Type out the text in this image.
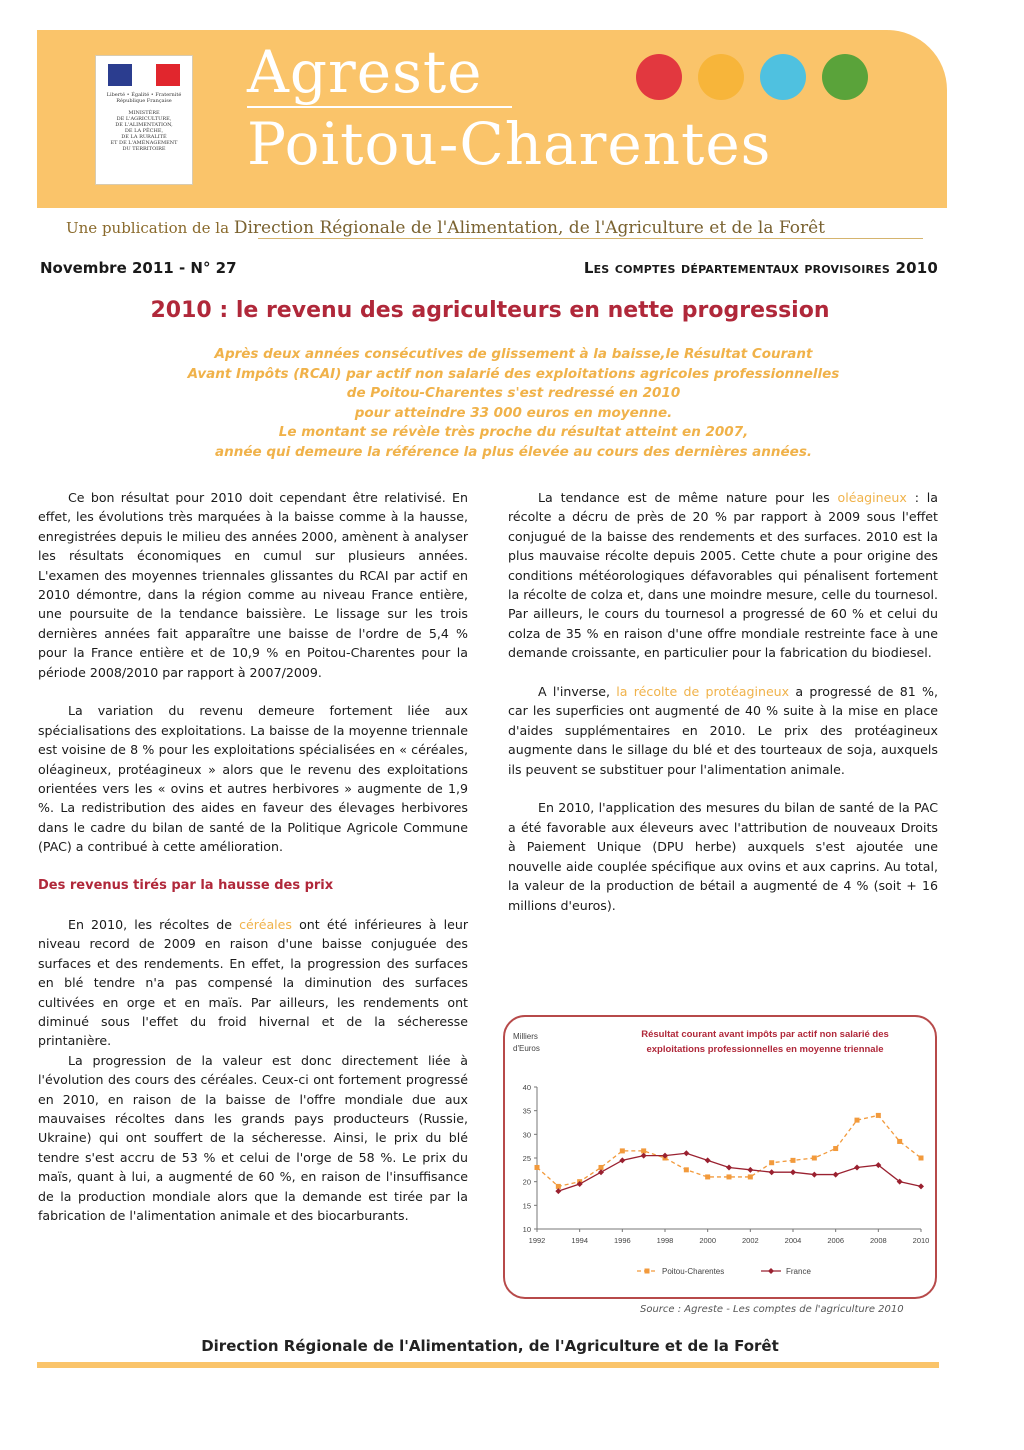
Liberté • Égalité • Fraternité
République Française

MINISTÈRE
DE L'AGRICULTURE,
DE L'ALIMENTATION,
DE LA PÊCHE,
DE LA RURALITÉ
ET DE L'AMÉNAGEMENT
DU TERRITOIRE
Agreste
Poitou-Charentes
Une publication de la Direction Régionale de l'Alimentation, de l'Agriculture et de la Forêt
Novembre 2011 - N° 27	Les comptes départementaux provisoires 2010
2010 : le revenu des agriculteurs en nette progression
Après deux années consécutives de glissement à la baisse,le Résultat Courant
Avant Impôts (RCAI) par actif non salarié des exploitations agricoles professionnelles
de Poitou-Charentes s'est redressé en 2010
pour atteindre 33 000 euros en moyenne.
Le montant se révèle très proche du résultat atteint en 2007,
année qui demeure la référence la plus élevée au cours des dernières années.

Ce bon résultat pour 2010 doit cependant être relativisé. En effet, les évolutions très marquées à la baisse comme à la hausse, enregistrées depuis le milieu des années 2000, amènent à analyser les résultats économiques en cumul sur plusieurs années. L'examen des moyennes triennales glissantes du RCAI par actif en 2010 démontre, dans la région comme au niveau France entière, une poursuite de la tendance baissière. Le lissage sur les trois dernières années fait apparaître une baisse de l'ordre de 5,4 % pour la France entière et de 10,9 % en Poitou-Charentes pour la période 2008/2010 par rapport à 2007/2009.

La variation du revenu demeure fortement liée aux spécialisations des exploitations. La baisse de la moyenne triennale est voisine de 8 % pour les exploitations spécialisées en « céréales, oléagineux, protéagineux » alors que le revenu des exploitations orientées vers les « ovins et autres herbivores » augmente de 1,9 %. La redistribution des aides en faveur des élevages herbivores dans le cadre du bilan de santé de la Politique Agricole Commune (PAC) a contribué à cette amélioration.

Des revenus tirés par la hausse des prix

En 2010, les récoltes de céréales ont été inférieures à leur niveau record de 2009 en raison d'une baisse conjuguée des surfaces et des rendements. En effet, la progression des surfaces en blé tendre n'a pas compensé la diminution des surfaces cultivées en orge et en maïs. Par ailleurs, les rendements ont diminué sous l'effet du froid hivernal et de la sécheresse printanière.

La progression de la valeur est donc directement liée à l'évolution des cours des céréales. Ceux-ci ont fortement progressé en 2010, en raison de la baisse de l'offre mondiale due aux mauvaises récoltes dans les grands pays producteurs (Russie, Ukraine) qui ont souffert de la sécheresse. Ainsi, le prix du blé tendre s'est accru de 53 % et celui de l'orge de 58 %. Le prix du maïs, quant à lui, a augmenté de 60 %, en raison de l'insuffisance de la production mondiale alors que la demande est tirée par la fabrication de l'alimentation animale et des biocarburants.

La tendance est de même nature pour les oléagineux : la récolte a décru de près de 20 % par rapport à 2009 sous l'effet conjugué de la baisse des rendements et des surfaces. 2010 est la plus mauvaise récolte depuis 2005. Cette chute a pour origine des conditions météorologiques défavorables qui pénalisent fortement la récolte de colza et, dans une moindre mesure, celle du tournesol. Par ailleurs, le cours du tournesol a progressé de 60 % et celui du colza de 35 % en raison d'une offre mondiale restreinte face à une demande croissante, en particulier pour la fabrication du biodiesel.

A l'inverse, la récolte de protéagineux a progressé de 81 %, car les superficies ont augmenté de 40 % suite à la mise en place d'aides supplémentaires en 2010. Le prix des protéagineux augmente dans le sillage du blé et des tourteaux de soja, auxquels ils peuvent se substituer pour l'alimentation animale.

En 2010, l'application des mesures du bilan de santé de la PAC a été favorable aux éleveurs avec l'attribution de nouveaux Droits à Paiement Unique (DPU herbe) auxquels s'est ajoutée une nouvelle aide couplée spécifique aux ovins et aux caprins. Au total, la valeur de la production de bétail a augmenté de 4 % (soit + 16 millions d'euros).

Résultat courant avant impôts par actif non salarié des
exploitations professionnelles en moyenne triennale
Milliers
d'Euros
40
35
30
25
20
15
10
1992	1994	1996	1998	2000	2002	2004	2006	2008	2010
Poitou-Charentes	France
Source : Agreste - Les comptes de l'agriculture 2010
Direction Régionale de l'Alimentation, de l'Agriculture et de la Forêt
